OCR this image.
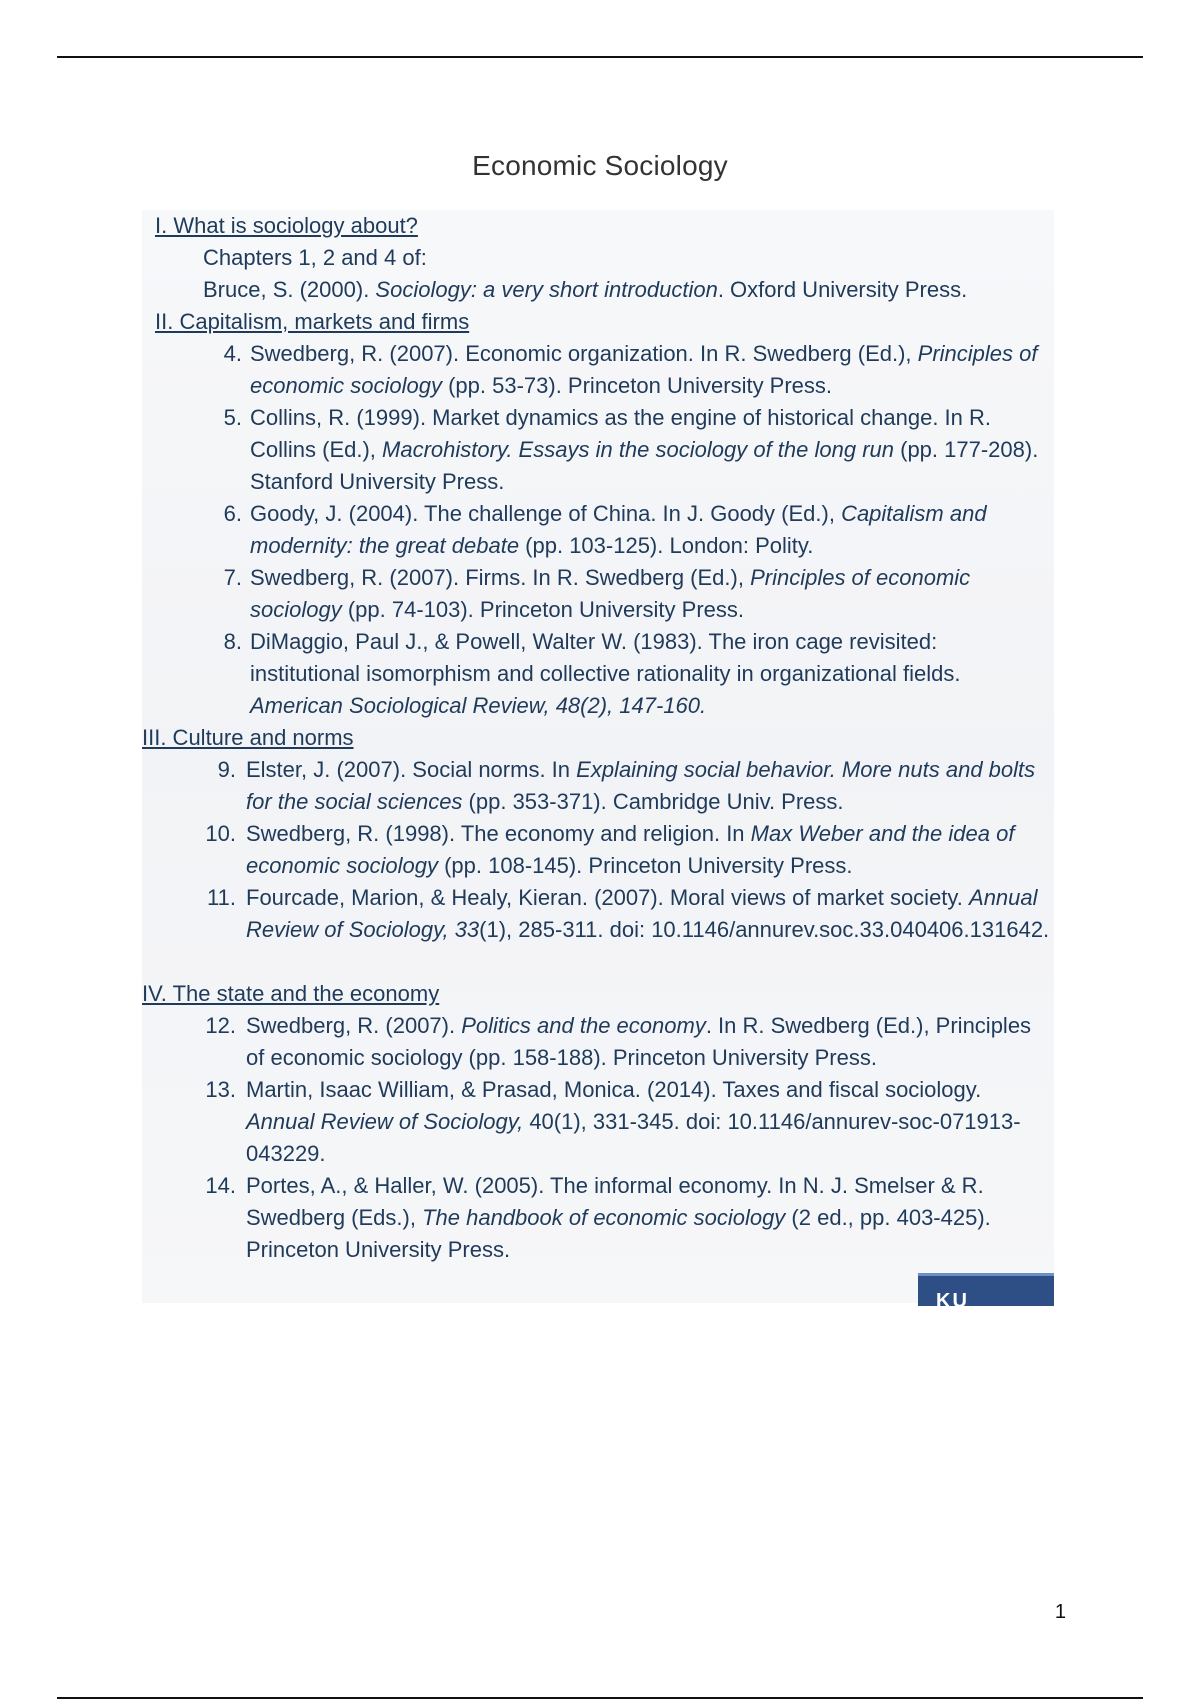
Economic Sociology
I. What is sociology about?
Chapters 1, 2 and 4 of:
Bruce, S. (2000). Sociology: a very short introduction. Oxford University Press.
II. Capitalism, markets and firms
4. Swedberg, R. (2007). Economic organization. In R. Swedberg (Ed.), Principles of economic sociology (pp. 53-73). Princeton University Press.
5. Collins, R. (1999). Market dynamics as the engine of historical change. In R. Collins (Ed.), Macrohistory. Essays in the sociology of the long run (pp. 177-208). Stanford University Press.
6. Goody, J. (2004). The challenge of China. In J. Goody (Ed.), Capitalism and modernity: the great debate (pp. 103-125). London: Polity.
7. Swedberg, R. (2007). Firms. In R. Swedberg (Ed.), Principles of economic sociology (pp. 74-103). Princeton University Press.
8. DiMaggio, Paul J., & Powell, Walter W. (1983). The iron cage revisited: institutional isomorphism and collective rationality in organizational fields. American Sociological Review, 48(2), 147-160.
III. Culture and norms
9. Elster, J. (2007). Social norms. In Explaining social behavior. More nuts and bolts for the social sciences (pp. 353-371). Cambridge Univ. Press.
10. Swedberg, R. (1998). The economy and religion. In Max Weber and the idea of economic sociology (pp. 108-145). Princeton University Press.
11. Fourcade, Marion, & Healy, Kieran. (2007). Moral views of market society. Annual Review of Sociology, 33(1), 285-311. doi: 10.1146/annurev.soc.33.040406.131642.
IV. The state and the economy
12. Swedberg, R. (2007). Politics and the economy. In R. Swedberg (Ed.), Principles of economic sociology (pp. 158-188). Princeton University Press.
13. Martin, Isaac William, & Prasad, Monica. (2014). Taxes and fiscal sociology. Annual Review of Sociology, 40(1), 331-345. doi: 10.1146/annurev-soc-071913-043229.
14. Portes, A., & Haller, W. (2005). The informal economy. In N. J. Smelser & R. Swedberg (Eds.), The handbook of economic sociology (2 ed., pp. 403-425). Princeton University Press.
KU LEUVEN
1
